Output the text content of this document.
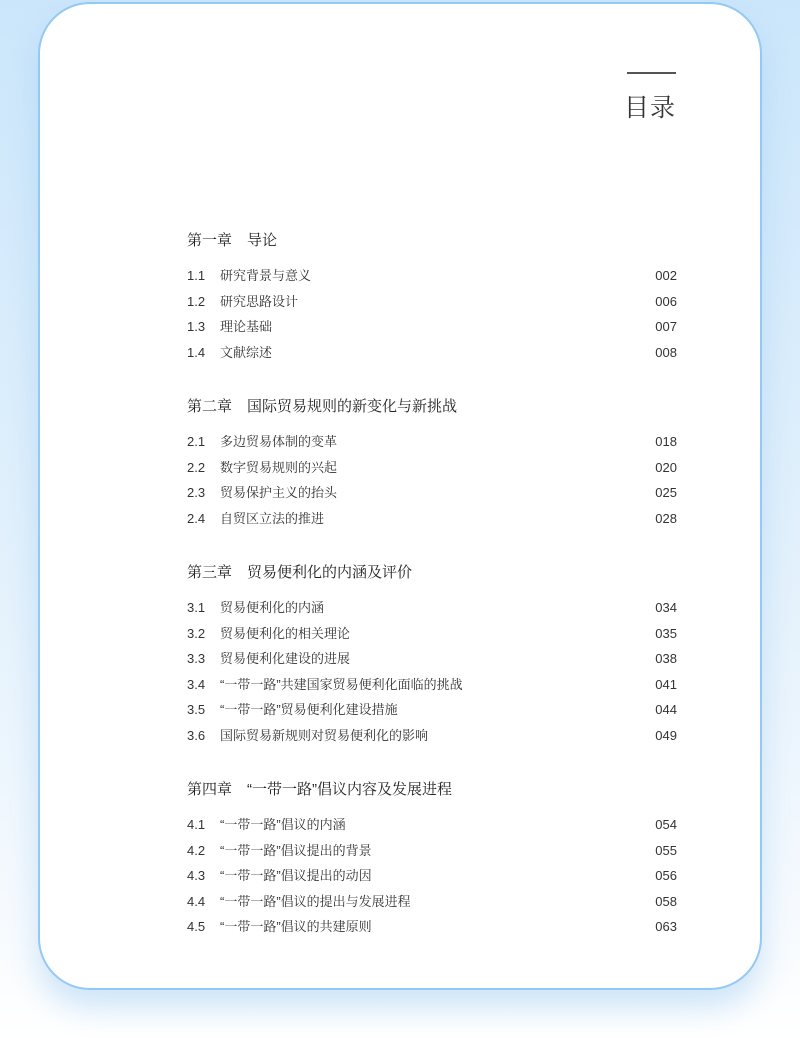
目录
第一章　导论
1.1	研究背景与意义	002
1.2	研究思路设计	006
1.3	理论基础	007
1.4	文献综述	008
第二章　国际贸易规则的新变化与新挑战
2.1	多边贸易体制的变革	018
2.2	数字贸易规则的兴起	020
2.3	贸易保护主义的抬头	025
2.4	自贸区立法的推进	028
第三章　贸易便利化的内涵及评价
3.1	贸易便利化的内涵	034
3.2	贸易便利化的相关理论	035
3.3	贸易便利化建设的进展	038
3.4	“一带一路”共建国家贸易便利化面临的挑战	041
3.5	“一带一路”贸易便利化建设措施	044
3.6	国际贸易新规则对贸易便利化的影响	049
第四章　“一带一路”倡议内容及发展进程
4.1	“一带一路”倡议的内涵	054
4.2	“一带一路”倡议提出的背景	055
4.3	“一带一路”倡议提出的动因	056
4.4	“一带一路”倡议的提出与发展进程	058
4.5	“一带一路”倡议的共建原则	063
